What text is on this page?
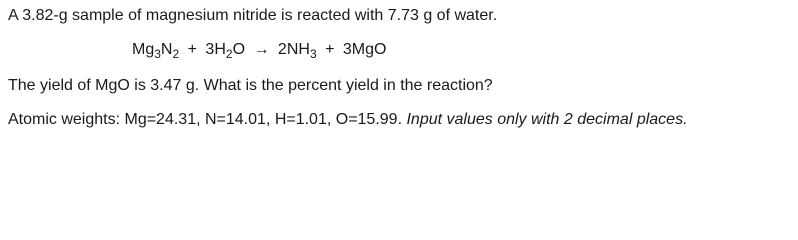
A 3.82-g sample of magnesium nitride is reacted with 7.73 g of water.
$Mg_3N_2 + 3H_2O \to 2NH_3 + 3MgO$
The yield of MgO is 3.47 g. What is the percent yield in the reaction?
Atomic weights: Mg=24.31, N=14.01, H=1.01, O=15.99. Input values only with 2 decimal places.
